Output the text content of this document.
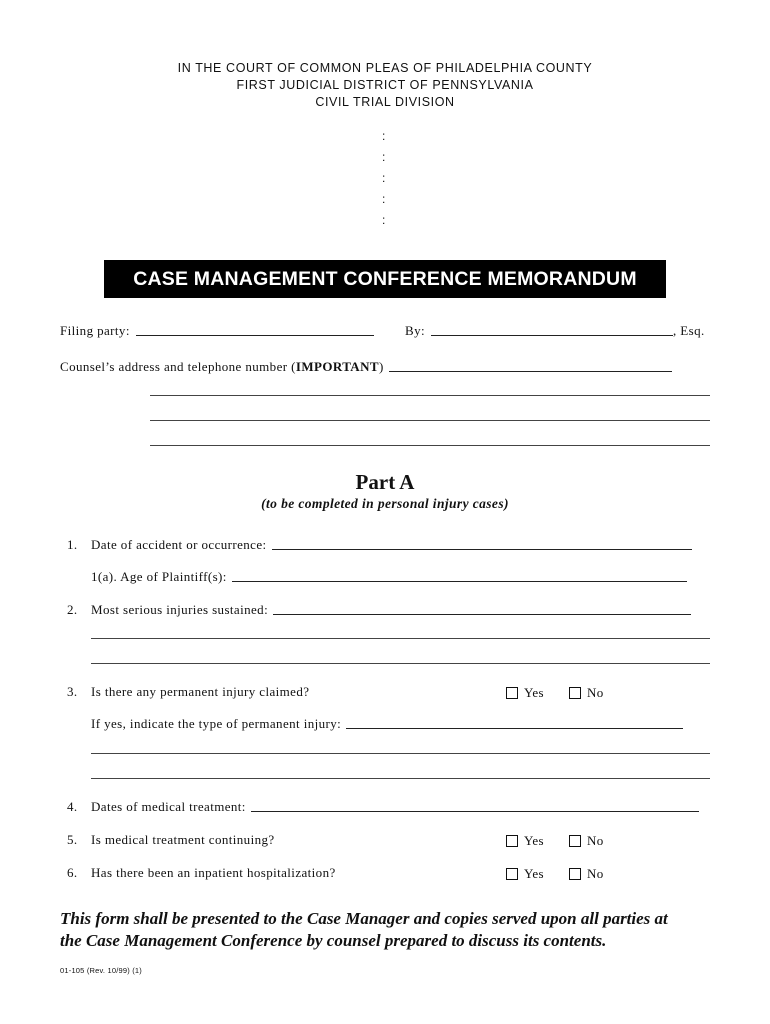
IN THE COURT OF COMMON PLEAS OF PHILADELPHIA COUNTY
FIRST JUDICIAL DISTRICT OF PENNSYLVANIA
CIVIL TRIAL DIVISION
:
:
:
:
:
CASE MANAGEMENT CONFERENCE MEMORANDUM
Filing party:	By:	, Esq.
Counsel’s address and telephone number ( IMPORTANT )
Part A
(to be completed in personal injury cases)
1.	Date of accident or occurrence:
1(a). Age of Plaintiff(s):
2.	Most serious injuries sustained:
3.	Is there any permanent injury claimed?	Yes	No
If yes, indicate the type of permanent injury:
4.	Dates of medical treatment:
5.	Is medical treatment continuing?	Yes	No
6.	Has there been an inpatient hospitalization?	Yes	No
This form shall be presented to the Case Manager and copies served upon all parties at
the Case Management Conference by counsel prepared to discuss its contents.
01-105 (Rev. 10/99) (1)
